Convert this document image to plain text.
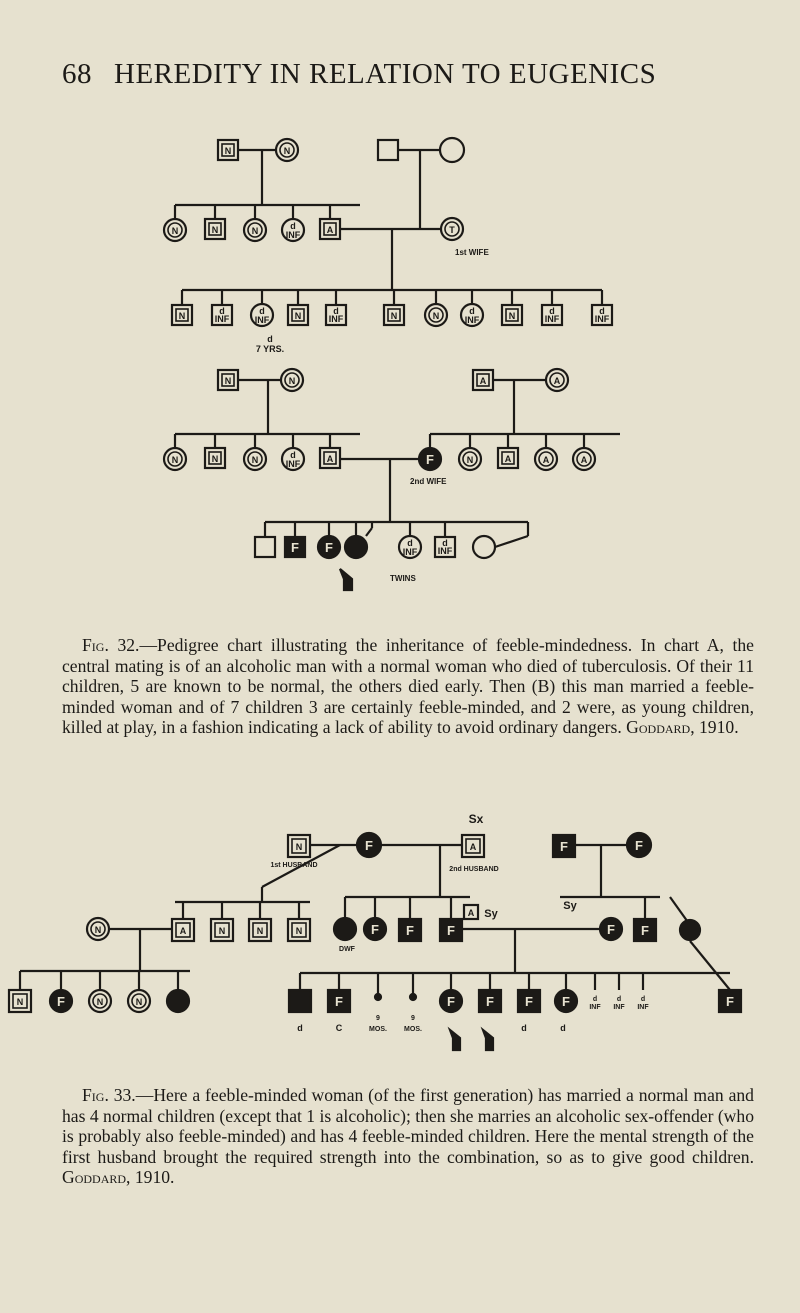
68 HEREDITY IN RELATION TO EUGENICS
N	N
N	N	N	d
INF	A	T
1st WIFE
N	d
INF
d
INF	N
d
7 YRS.
d
INF	N	N	d
INF	N	d
INF
d
INF
N	N	A	A
N	N	N	d
INF	A	F	N	A	A	A
2nd WIFE
F F	d
INF
d
INF
TWINS

Fig. 32.—Pedigree chart illustrating the inheritance of feeble-mindedness. In chart A, the central mating is of an alcoholic man with a normal woman who died of tuberculosis. Of their 11 children, 5 are known to be normal, the others died early. Then (B) this man married a feeble-minded woman and of 7 children 3 are certainly feeble-minded, and 2 were, as young children, killed at play, in a fashion indicating a lack of ability to avoid ordinary dangers. Goddard, 1910.

Sx
N	F	A
1st HUSBAND
2nd HUSBAND
F	F
N	A	N	N	N	F F	F
A Sy
DWF
Sy
F F
N	F	N	N
d
F
C
9
MOS.
9
MOS.
F F F
d
F
d
d
INF
d
INF
d
INF	F

Fig. 33.—Here a feeble-minded woman (of the first generation) has married a normal man and has 4 normal children (except that 1 is alcoholic); then she marries an alcoholic sex-offender (who is probably also feeble-minded) and has 4 feeble-minded children. Here the mental strength of the first husband brought the required strength into the combination, so as to give good children. Goddard, 1910.
